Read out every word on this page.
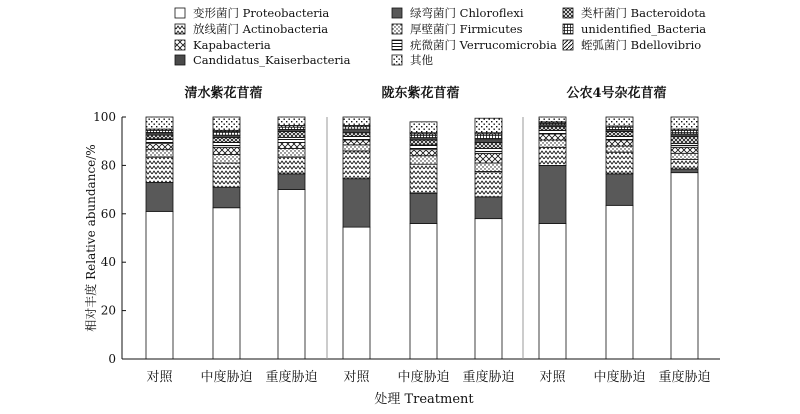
变形菌门 Proteobacteria	绿弯菌门 Chloroflexi	类杆菌门 Bacteroidota
放线菌门 Actinobacteria	厚壁菌门 Firmicutes	unidentified_Bacteria
Kapabacteria	疣微菌门 Verrucomicrobia 蛭弧菌门 Bdellovibrio
Candidatus_Kaiserbacteria	其他
清水紫花苜蓿	陇东紫花苜蓿	公农4号杂花苜蓿
0
20
40
60
80
100
对照 中度胁迫 重度胁迫 对照 中度胁迫 重度胁迫 对照 中度胁迫 重度胁迫
处理 Treatment
相对丰度 Relative abundance/%
